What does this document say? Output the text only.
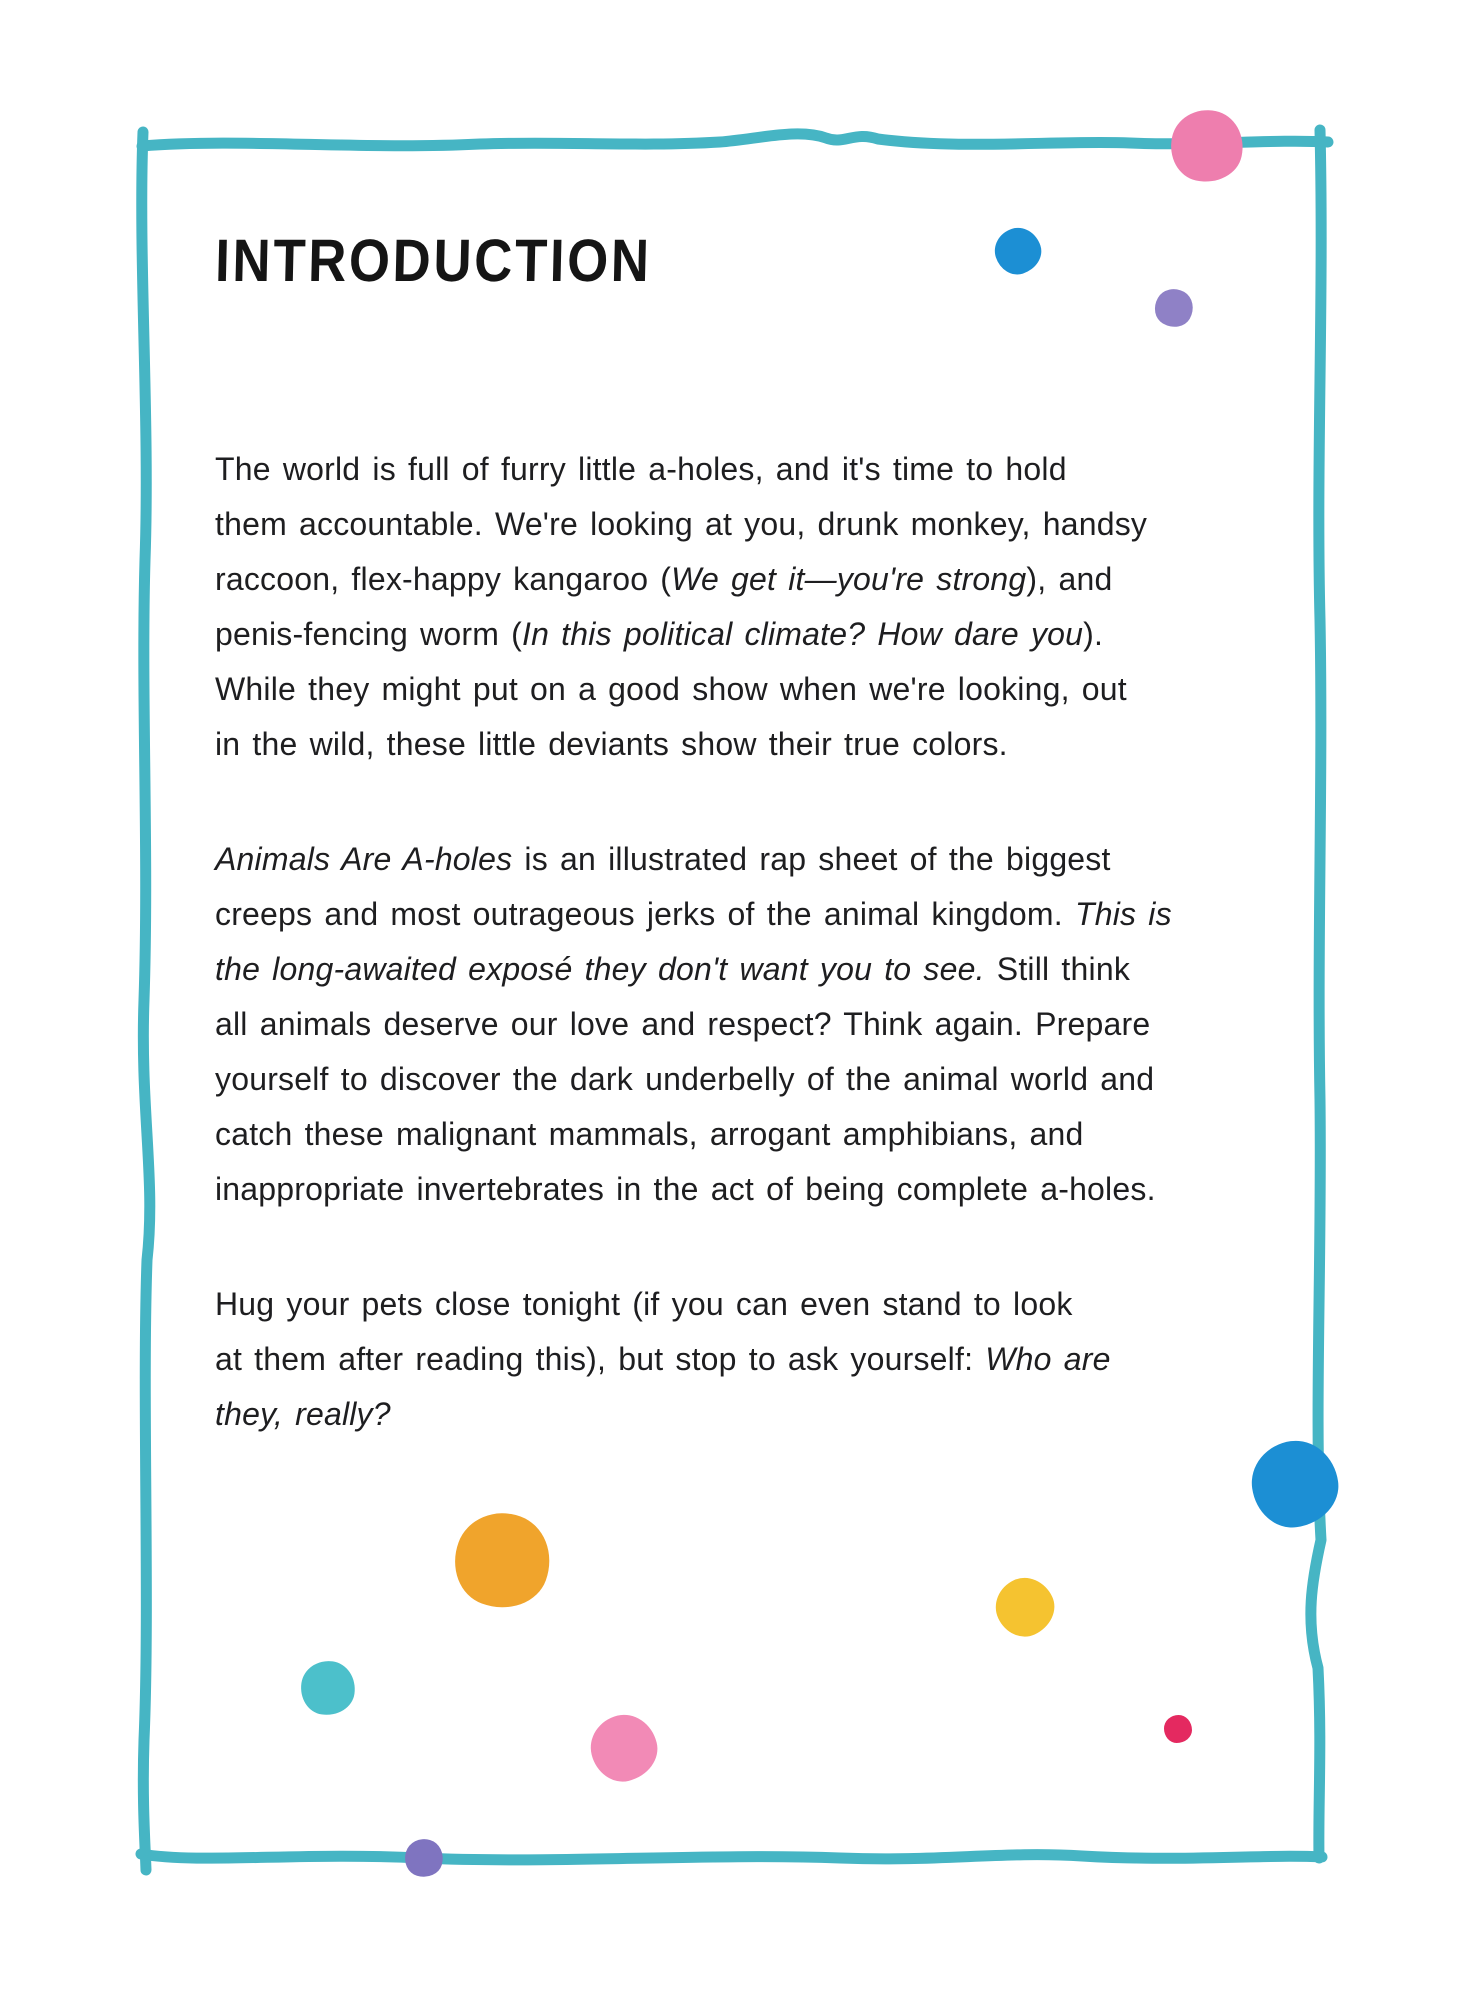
INTRODUCTION
The world is full of furry little a-holes, and it's time to hold
them accountable. We're looking at you, drunk monkey, handsy
raccoon, flex-happy kangaroo (We get it—you're strong), and
penis-fencing worm (In this political climate? How dare you).
While they might put on a good show when we're looking, out
in the wild, these little deviants show their true colors.
Animals Are A-holes is an illustrated rap sheet of the biggest
creeps and most outrageous jerks of the animal kingdom. This is
the long-awaited exposé they don't want you to see. Still think
all animals deserve our love and respect? Think again. Prepare
yourself to discover the dark underbelly of the animal world and
catch these malignant mammals, arrogant amphibians, and
inappropriate invertebrates in the act of being complete a-holes.
Hug your pets close tonight (if you can even stand to look
at them after reading this), but stop to ask yourself: Who are
they, really?
